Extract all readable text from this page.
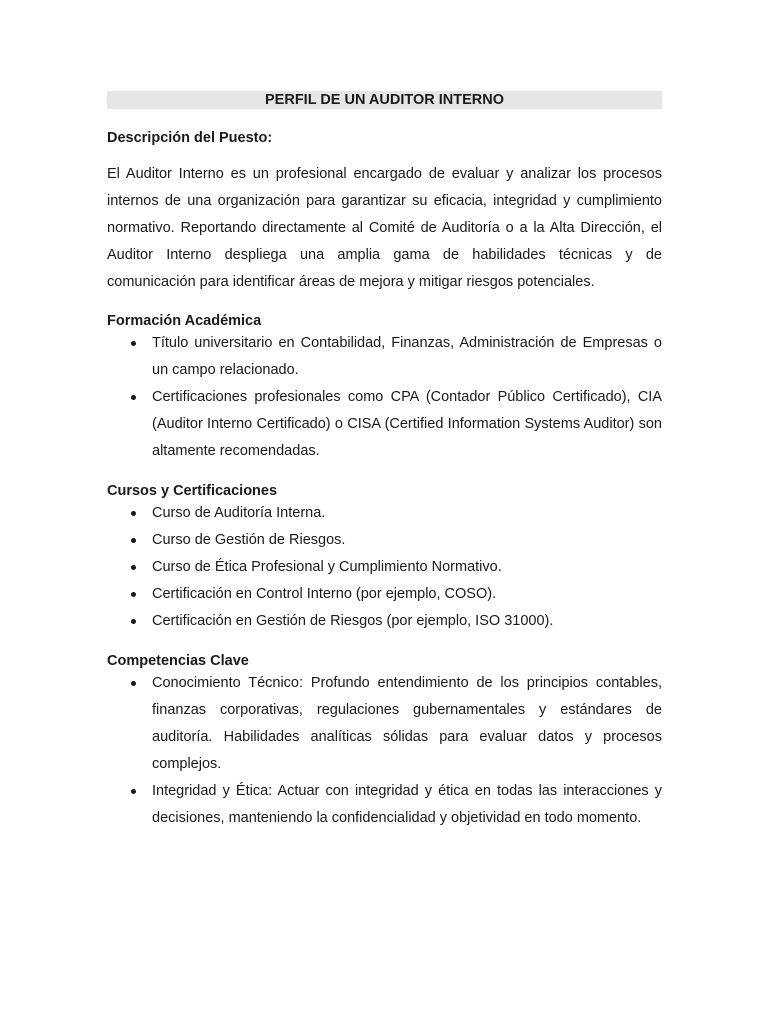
PERFIL DE UN AUDITOR INTERNO

Descripción del Puesto:

El Auditor Interno es un profesional encargado de evaluar y analizar los procesos internos de una organización para garantizar su eficacia, integridad y cumplimiento normativo. Reportando directamente al Comité de Auditoría o a la Alta Dirección, el Auditor Interno despliega una amplia gama de habilidades técnicas y de comunicación para identificar áreas de mejora y mitigar riesgos potenciales.

Formación Académica

Título universitario en Contabilidad, Finanzas, Administración de Empresas o un campo relacionado.
Certificaciones profesionales como CPA (Contador Público Certificado), CIA (Auditor Interno Certificado) o CISA (Certified Information Systems Auditor) son altamente recomendadas.

Cursos y Certificaciones

Curso de Auditoría Interna.
Curso de Gestión de Riesgos.
Curso de Ética Profesional y Cumplimiento Normativo.
Certificación en Control Interno (por ejemplo, COSO).
Certificación en Gestión de Riesgos (por ejemplo, ISO 31000).

Competencias Clave

Conocimiento Técnico: Profundo entendimiento de los principios contables, finanzas corporativas, regulaciones gubernamentales y estándares de auditoría. Habilidades analíticas sólidas para evaluar datos y procesos complejos.
Integridad y Ética: Actuar con integridad y ética en todas las interacciones y decisiones, manteniendo la confidencialidad y objetividad en todo momento.
